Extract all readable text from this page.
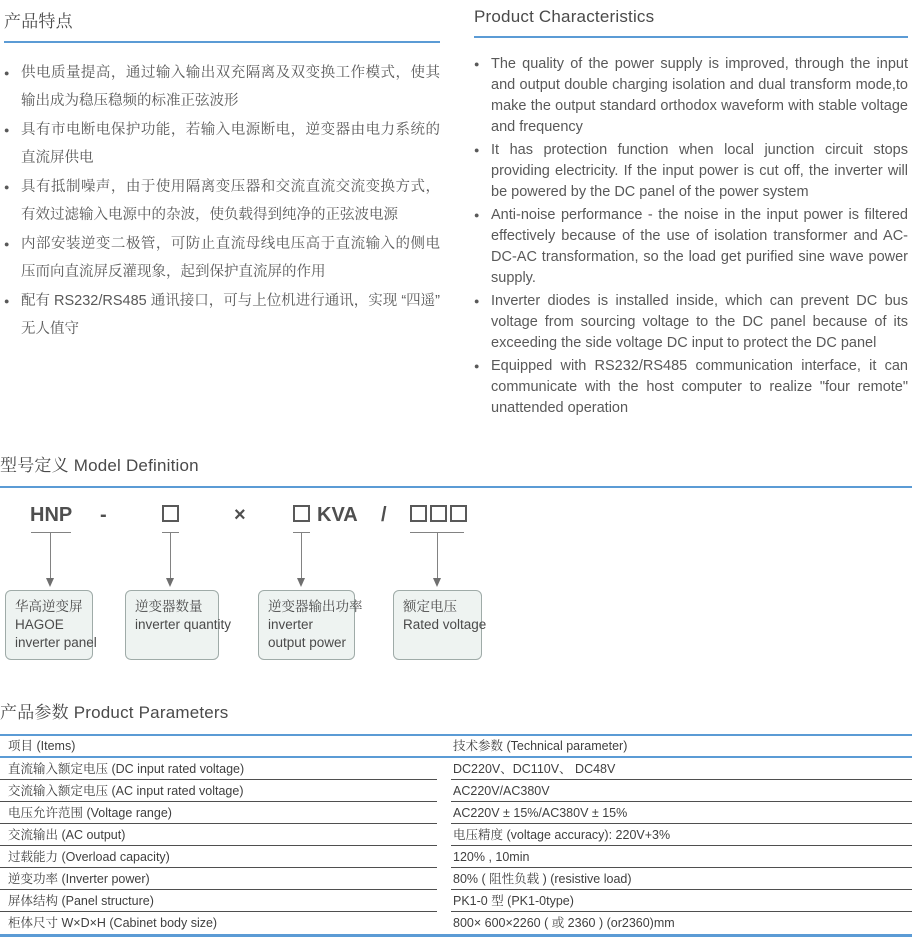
产品特点
● 供电质量提高，通过输入输出双充隔离及双变换工作模式，使其输出成为稳压稳频的标准正弦波形
● 具有市电断电保护功能，若输入电源断电，逆变器由电力系统的直流屏供电
● 具有抵制噪声，由于使用隔离变压器和交流直流交流变换方式，有效过滤输入电源中的杂波，使负载得到纯净的正弦波电源
● 内部安装逆变二极管，可防止直流母线电压高于直流输入的侧电压而向直流屏反灌现象，起到保护直流屏的作用
● 配有 RS232/RS485 通讯接口，可与上位机进行通讯，实现 “四遥” 无人值守
Product Characteristics
● The quality of the power supply is improved, through the input and output double charging isolation and dual transform mode,to make the output standard orthodox waveform with stable voltage and frequency
● It has protection function when local junction circuit stops providing electricity. If the input power is cut off, the inverter will be powered by the DC panel of the power system
● Anti-noise performance - the noise in the input power is filtered effectively because of the use of isolation transformer and AC-DC-AC transformation, so the load get purified sine wave power supply.
● Inverter diodes is installed inside, which can prevent DC bus voltage from sourcing voltage to the DC panel because of its exceeding the side voltage DC input to protect the DC panel
● Equipped with RS232/RS485 communication interface, it can communicate with the host computer to realize "four remote" unattended operation
型号定义 Model Definition
HNP -	×	KVA /
华高逆变屏
HAGOE
inverter panel
逆变器数量
inverter quantity
逆变器输出功率
inverter
output power
额定电压
Rated voltage
产品参数 Product Parameters
项目 (Items)	技术参数 (Technical parameter)
直流输入额定电压 (DC input rated voltage)	DC220V、DC110V、 DC48V
交流输入额定电压 (AC input rated voltage)	AC220V/AC380V
电压允许范围 (Voltage range)	AC220V ± 15%/AC380V ± 15%
交流输出 (AC output)	电压精度 (voltage accuracy): 220V+3%
过载能力 (Overload capacity)	120% , 10min
逆变功率 (Inverter power)	80% ( 阻性负载 ) (resistive load)
屏体结构 (Panel structure)	PK1-0 型 (PK1-0type)
柜体尺寸 W×D×H (Cabinet body size)	800× 600×2260 ( 或 2360 ) (or2360)mm
